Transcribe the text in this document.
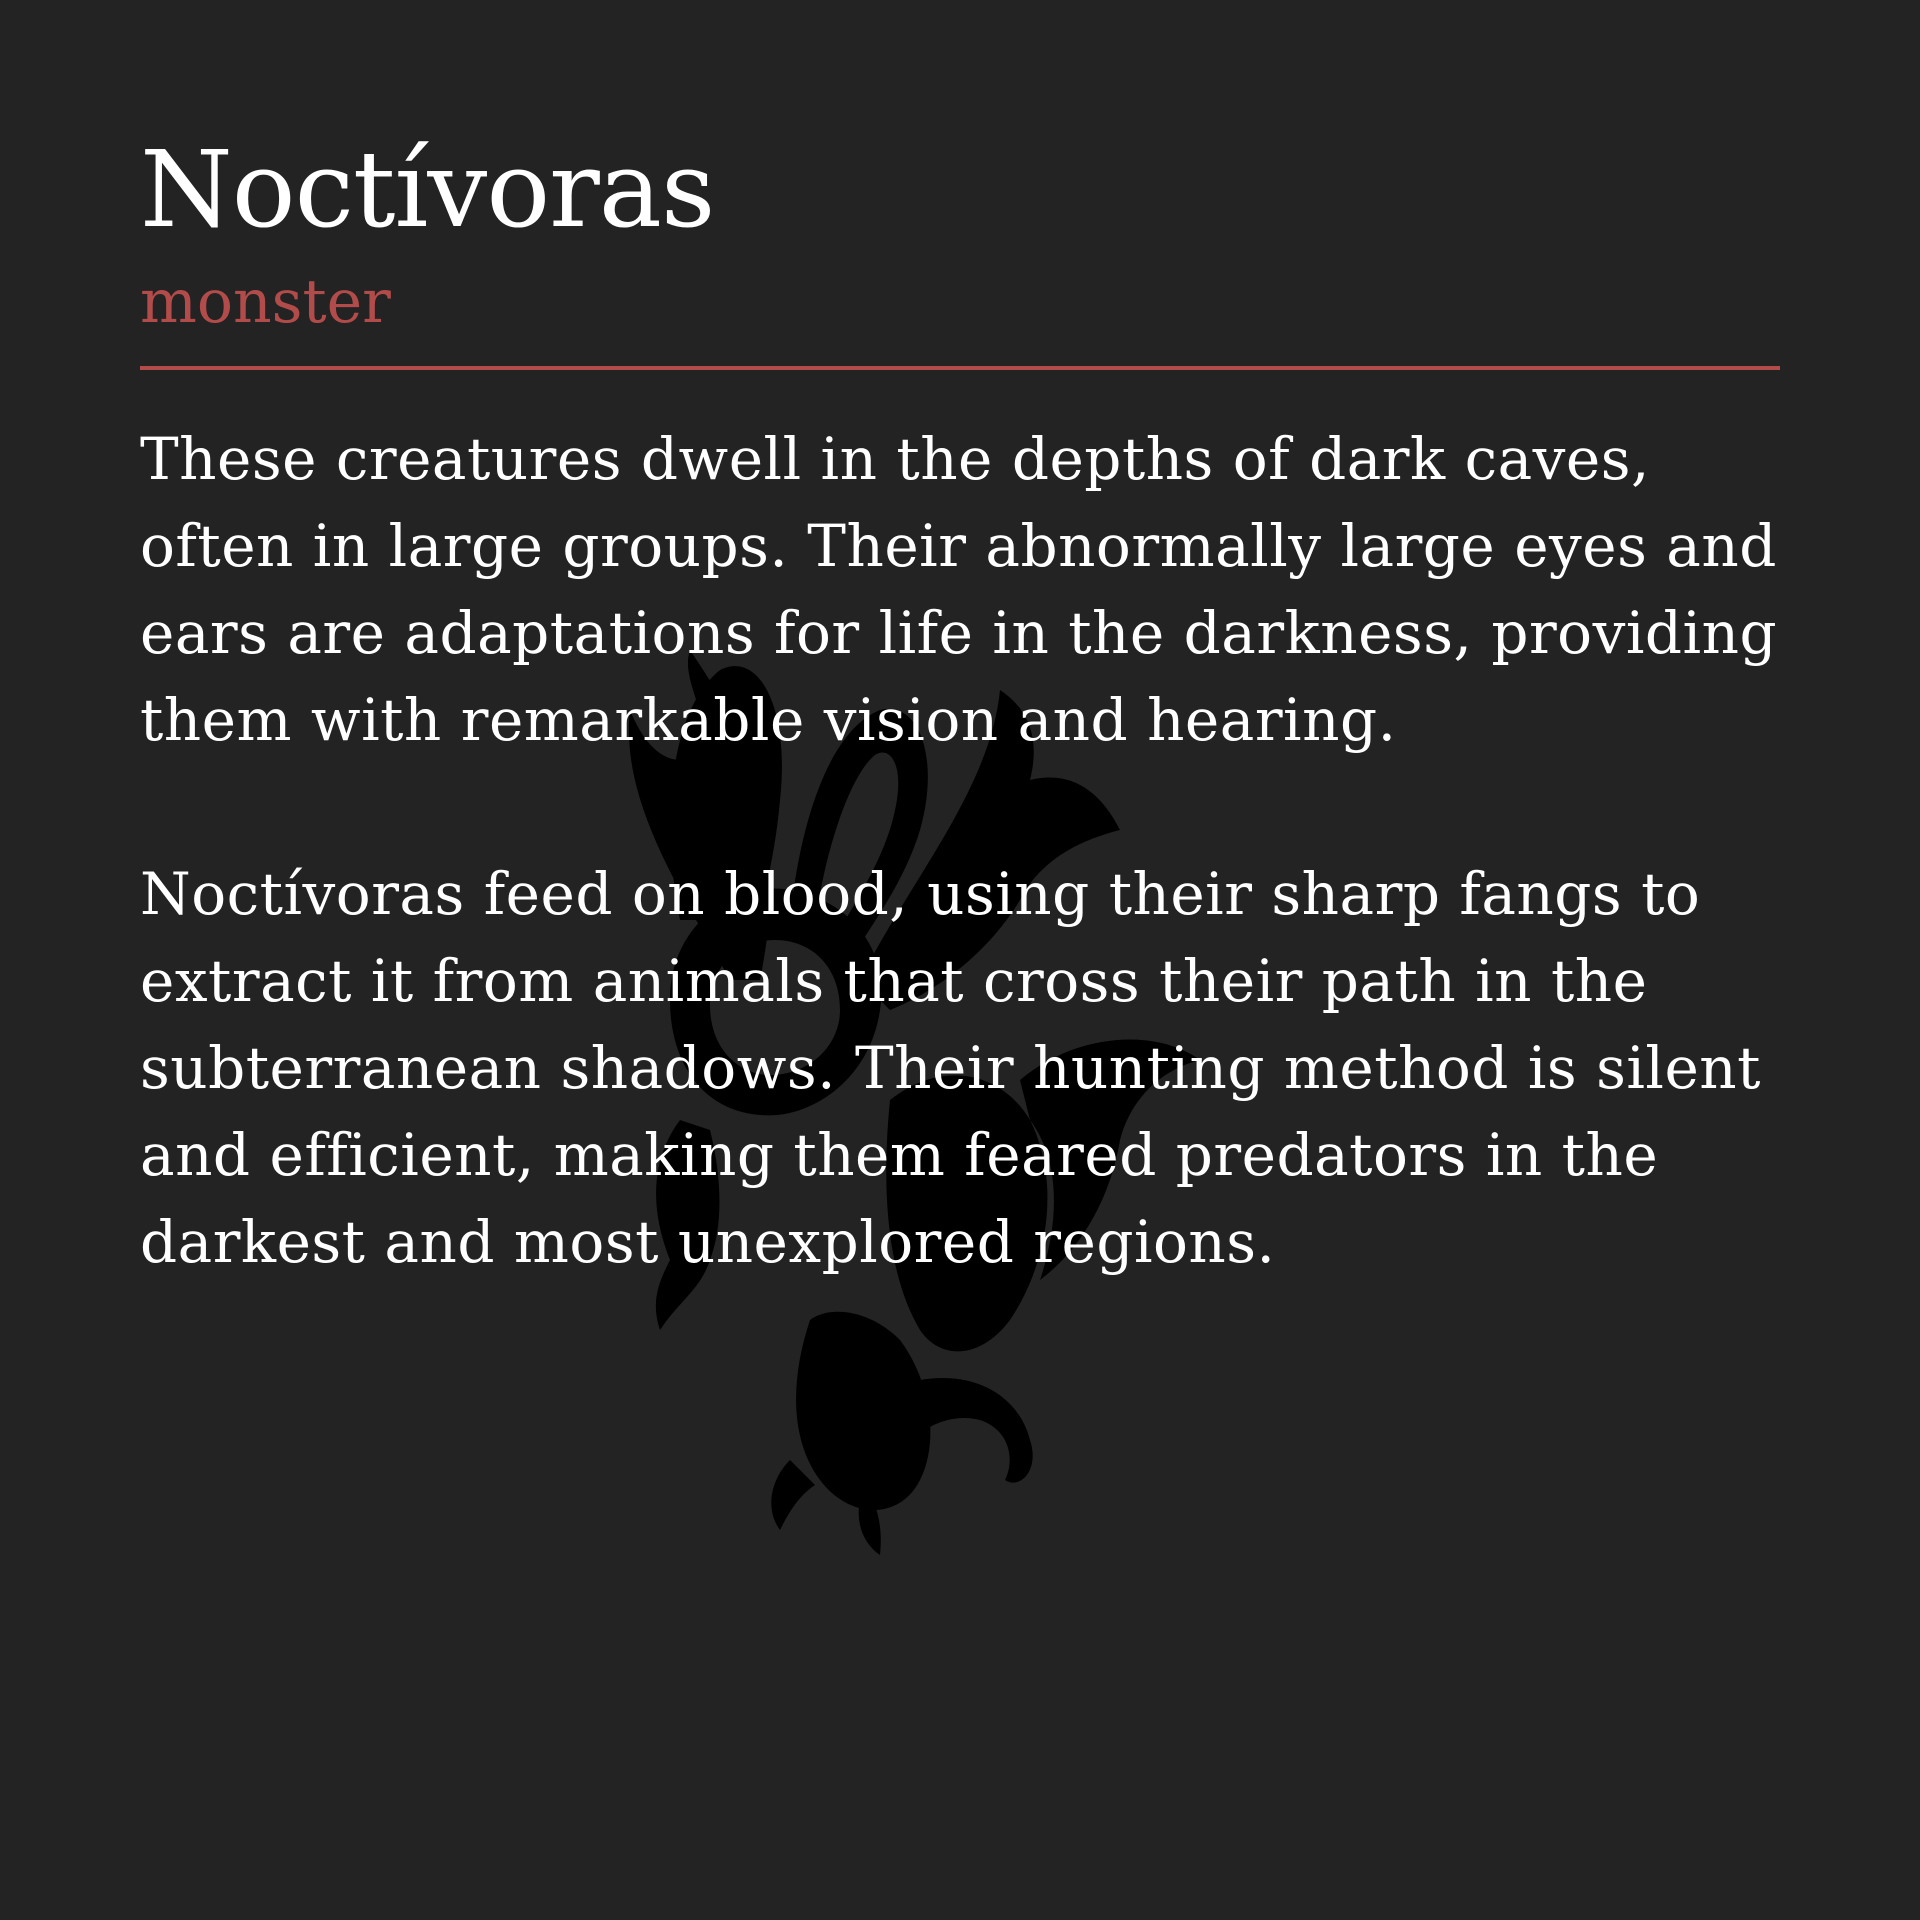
Noctívoras
monster

These creatures dwell in the depths of dark caves, often in large groups. Their abnormally large eyes and ears are adaptations for life in the darkness, providing them with remarkable vision and hearing.

Noctívoras feed on blood, using their sharp fangs to extract it from animals that cross their path in the subterranean shadows. Their hunting method is silent and efficient, making them feared predators in the darkest and most unexplored regions.
